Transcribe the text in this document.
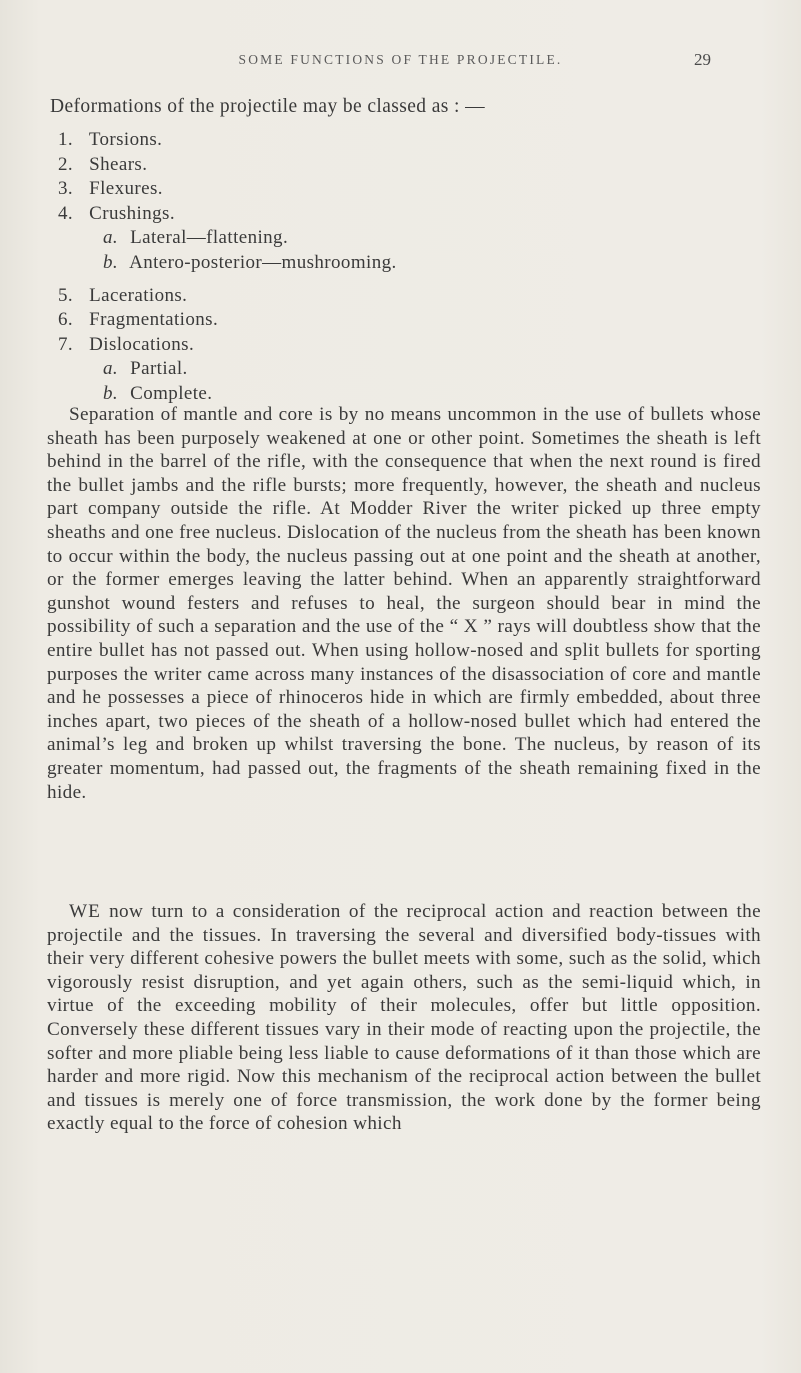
SOME FUNCTIONS OF THE PROJECTILE.	29
Deformations of the projectile may be classed as : —
1. Torsions.
2. Shears.
3. Flexures.
4. Crushings.
a. Lateral—flattening.
b. Antero-posterior—mushrooming.
5. Lacerations.
6. Fragmentations.
7. Dislocations.
a. Partial.
b. Complete.

Separation of mantle and core is by no means uncommon in the use of bullets whose sheath has been purposely weakened at one or other point. Sometimes the sheath is left behind in the barrel of the rifle, with the consequence that when the next round is fired the bullet jambs and the rifle bursts; more frequently, however, the sheath and nucleus part company outside the rifle. At Modder River the writer picked up three empty sheaths and one free nucleus. Dislocation of the nucleus from the sheath has been known to occur within the body, the nucleus passing out at one point and the sheath at another, or the former emerges leaving the latter behind. When an apparently straightforward gunshot wound festers and refuses to heal, the surgeon should bear in mind the possibility of such a separation and the use of the “ X ” rays will doubtless show that the entire bullet has not passed out. When using hollow-nosed and split bullets for sporting purposes the writer came across many instances of the disassociation of core and mantle and he possesses a piece of rhinoceros hide in which are firmly embedded, about three inches apart, two pieces of the sheath of a hollow-nosed bullet which had entered the animal’s leg and broken up whilst traversing the bone. The nucleus, by reason of its greater momentum, had passed out, the fragments of the sheath remaining fixed in the hide.

WE now turn to a consideration of the reciprocal action and reaction between the projectile and the tissues. In traversing the several and diversified body-tissues with their very different cohesive powers the bullet meets with some, such as the solid, which vigorously resist disruption, and yet again others, such as the semi-liquid which, in virtue of the exceeding mobility of their molecules, offer but little opposition. Conversely these different tissues vary in their mode of reacting upon the projectile, the softer and more pliable being less liable to cause deformations of it than those which are harder and more rigid. Now this mechanism of the reciprocal action between the bullet and tissues is merely one of force transmission, the work done by the former being exactly equal to the force of cohesion which
